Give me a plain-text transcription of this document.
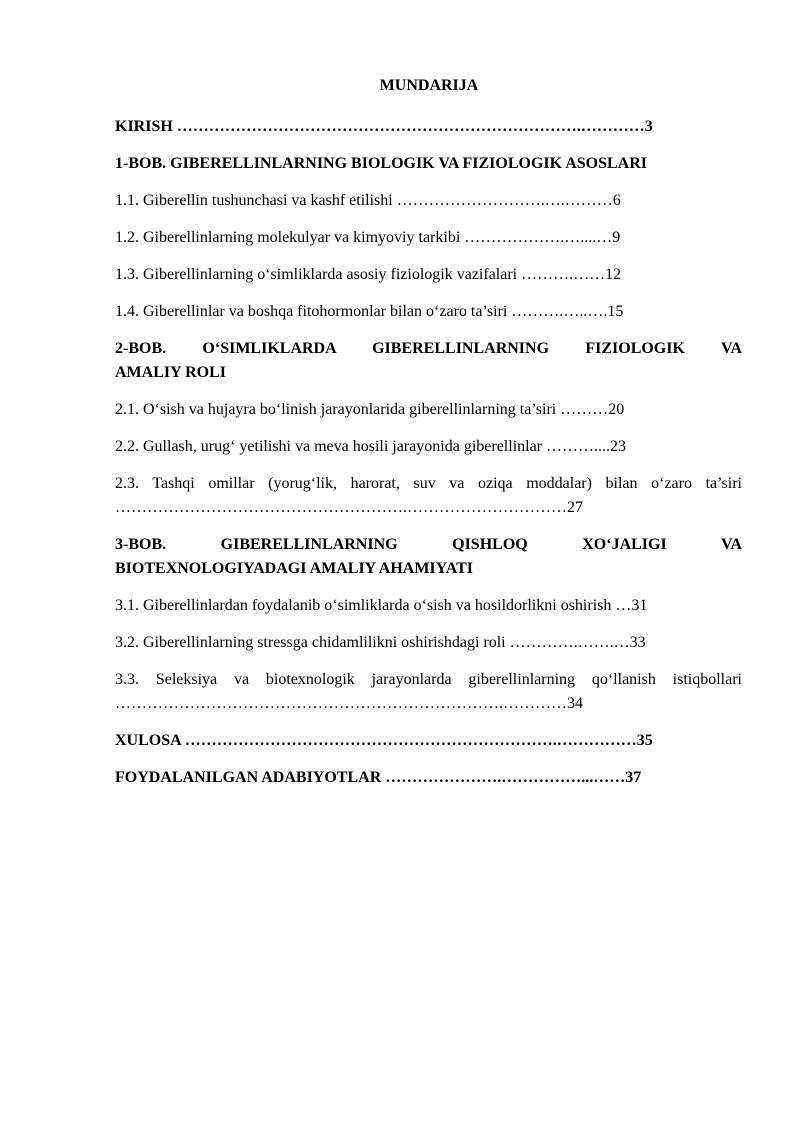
MUNDARIJA
KIRISH ………………………………………………………………….…………3
1-BOB. GIBERELLINLARNING BIOLOGIK VA FIZIOLOGIK ASOSLARI
1.1. Giberellin tushunchasi va kashf etilishi ……………………….….………6
1.2. Giberellinlarning molekulyar va kimyoviy tarkibi ……………….…....…9
1.3. Giberellinlarning o‘simliklarda asosiy fiziologik vazifalari ……….……12
1.4. Giberellinlar va boshqa fitohormonlar bilan o‘zaro ta’siri ……….…..….15
2-BOB. O‘SIMLIKLARDA GIBERELLINLARNING FIZIOLOGIK VA
AMALIY ROLI
2.1. O‘sish va hujayra bo‘linish jarayonlarida giberellinlarning ta’siri ………20
2.2. Gullash, urug‘ yetilishi va meva hosili jarayonida giberellinlar ………....23
2.3. Tashqi omillar (yorug‘lik, harorat, suv va oziqa moddalar) bilan o‘zaro ta’siri
……………………………………………….…………………………27
3-BOB. GIBERELLINLARNING QISHLOQ XO‘JALIGI VA
BIOTEXNOLOGIYADAGI AMALIY AHAMIYATI
3.1. Giberellinlardan foydalanib o‘simliklarda o‘sish va hosildorlikni oshirish …31
3.2. Giberellinlarning stressga chidamlilikni oshirishdagi roli ………….…….…33
3.3. Seleksiya va biotexnologik jarayonlarda giberellinlarning qo‘llanish istiqbollari
……………………………………………………………….…………34
XULOSA …………………………………………………………….……………35
FOYDALANILGAN ADABIYOTLAR ………………….……………...……37
